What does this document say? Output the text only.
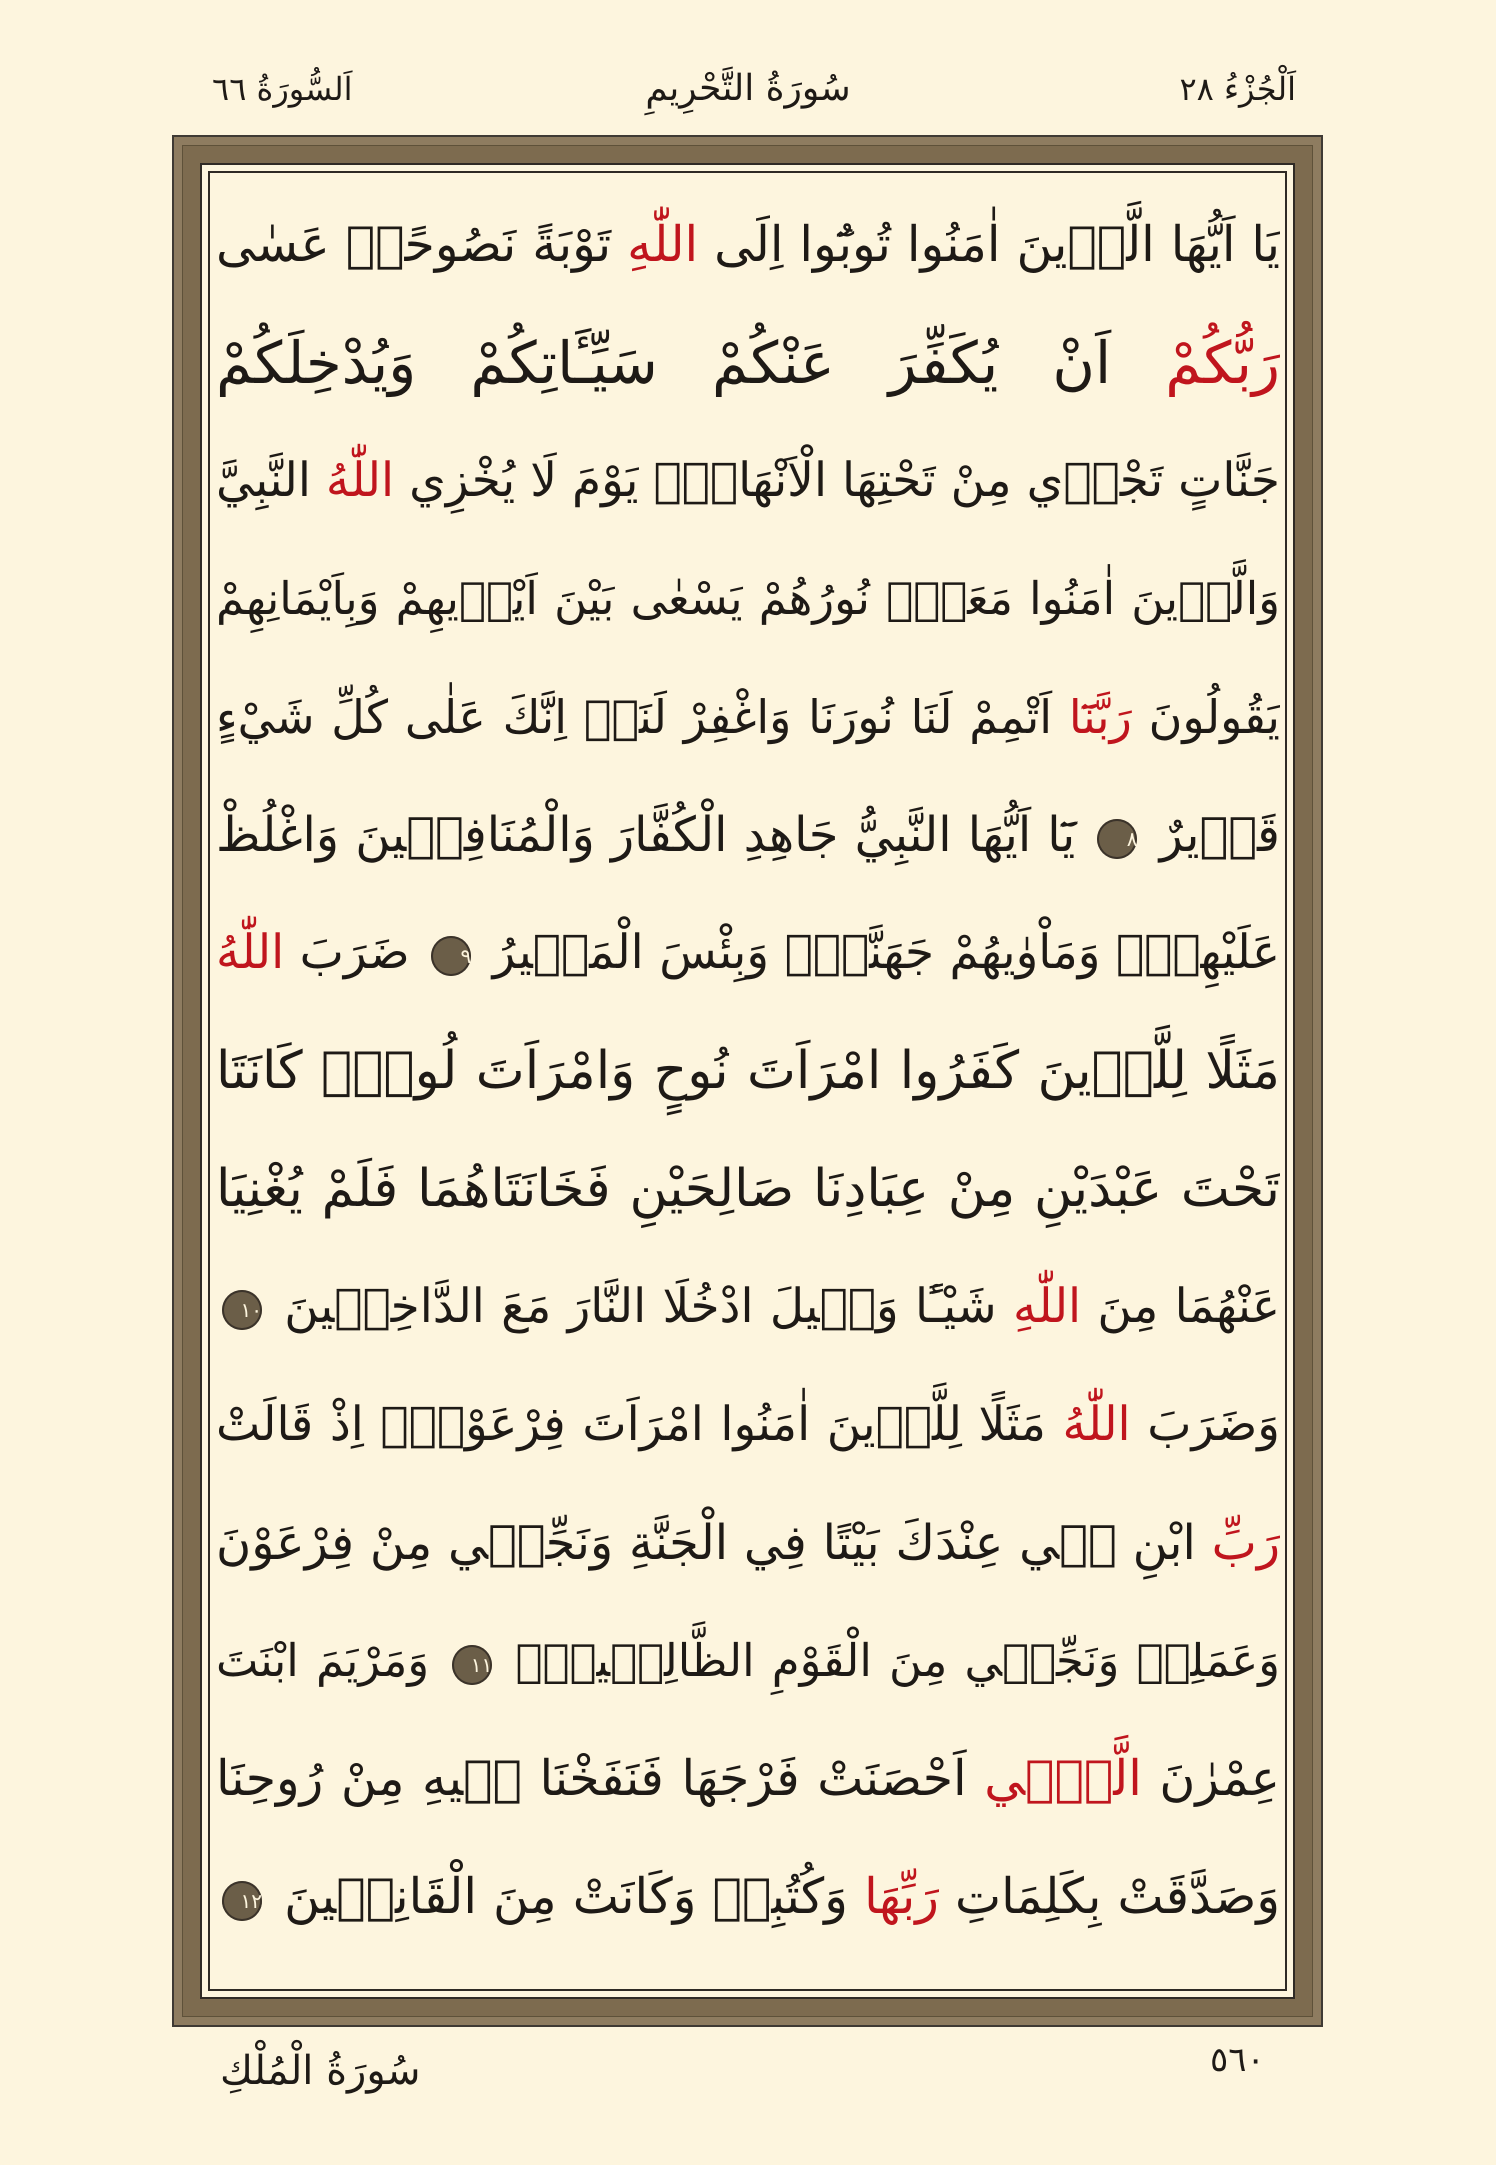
اَلْجُزْءُ ٢٨
سُورَةُ التَّحْرِيمِ
اَلسُّورَةُ ٦٦
يَا اَيُّهَا الَّذ۪ينَ اٰمَنُوا تُوبُٓوا اِلَى اللّٰهِ تَوْبَةً نَصُوحًاۜ عَسٰى
رَبُّكُمْ اَنْ يُكَفِّرَ عَنْكُمْ سَيِّـَٔاتِكُمْ وَيُدْخِلَكُمْ
جَنَّاتٍ تَجْر۪ي مِنْ تَحْتِهَا الْاَنْهَارُۙ يَوْمَ لَا يُخْزِي اللّٰهُ النَّبِيَّ
وَالَّذ۪ينَ اٰمَنُوا مَعَهُۚ نُورُهُمْ يَسْعٰى بَيْنَ اَيْد۪يهِمْ وَبِاَيْمَانِهِمْ
يَقُولُونَ رَبَّنَٓا اَتْمِمْ لَنَا نُورَنَا وَاغْفِرْ لَنَاۚ اِنَّكَ عَلٰى كُلِّ شَيْءٍ
قَد۪يرٌ ٨ يَٓا اَيُّهَا النَّبِيُّ جَاهِدِ الْكُفَّارَ وَالْمُنَافِق۪ينَ وَاغْلُظْ
عَلَيْهِمْۜ وَمَاْوٰيهُمْ جَهَنَّمُۜ وَبِئْسَ الْمَص۪يرُ ٩ ضَرَبَ اللّٰهُ
مَثَلًا لِلَّذ۪ينَ كَفَرُوا امْرَاَتَ نُوحٍ وَامْرَاَتَ لُوطٍۜ كَانَتَا
تَحْتَ عَبْدَيْنِ مِنْ عِبَادِنَا صَالِحَيْنِ فَخَانَتَاهُمَا فَلَمْ يُغْنِيَا
عَنْهُمَا مِنَ اللّٰهِ شَيْـًٔا وَق۪يلَ ادْخُلَا النَّارَ مَعَ الدَّاخِل۪ينَ ١٠
وَضَرَبَ اللّٰهُ مَثَلًا لِلَّذ۪ينَ اٰمَنُوا امْرَاَتَ فِرْعَوْنَۢ اِذْ قَالَتْ
رَبِّ ابْنِ ل۪ي عِنْدَكَ بَيْتًا فِي الْجَنَّةِ وَنَجِّن۪ي مِنْ فِرْعَوْنَ
وَعَمَلِه۪ وَنَجِّن۪ي مِنَ الْقَوْمِ الظَّالِم۪ينَۙ ١١ وَمَرْيَمَ ابْنَتَ
عِمْرٰنَ الَّت۪ٓي اَحْصَنَتْ فَرْجَهَا فَنَفَخْنَا ف۪يهِ مِنْ رُوحِنَا
وَصَدَّقَتْ بِكَلِمَاتِ رَبِّهَا وَكُتُبِه۪ وَكَانَتْ مِنَ الْقَانِت۪ينَ ١٢
٥٦٠
سُورَةُ الْمُلْكِ
